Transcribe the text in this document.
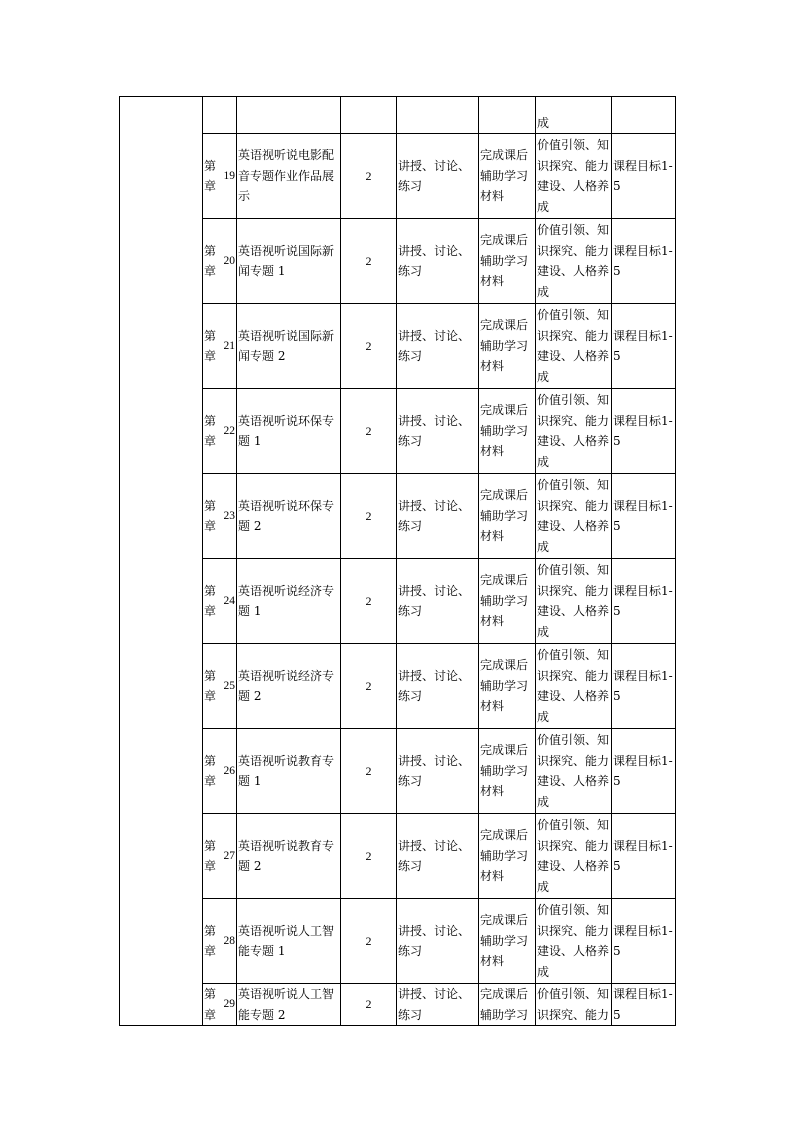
						成	

	第
章
19	英语视听说电影配音专题作业作品展示	2	讲授、讨论、练习	完成课后辅助学习材料	价值引领、知识探究、能力建设、人格养成	课程目标1-5

	第
章
20	英语视听说国际新闻专题 1	2	讲授、讨论、练习	完成课后辅助学习材料	价值引领、知识探究、能力建设、人格养成	课程目标1-5

	第
章
21	英语视听说国际新闻专题 2	2	讲授、讨论、练习	完成课后辅助学习材料	价值引领、知识探究、能力建设、人格养成	课程目标1-5

	第
章
22	英语视听说环保专题 1	2	讲授、讨论、练习	完成课后辅助学习材料	价值引领、知识探究、能力建设、人格养成	课程目标1-5

	第
章
23	英语视听说环保专题 2	2	讲授、讨论、练习	完成课后辅助学习材料	价值引领、知识探究、能力建设、人格养成	课程目标1-5

	第
章
24	英语视听说经济专题 1	2	讲授、讨论、练习	完成课后辅助学习材料	价值引领、知识探究、能力建设、人格养成	课程目标1-5

	第
章
25	英语视听说经济专题 2	2	讲授、讨论、练习	完成课后辅助学习材料	价值引领、知识探究、能力建设、人格养成	课程目标1-5

	第
章
26	英语视听说教育专题 1	2	讲授、讨论、练习	完成课后辅助学习材料	价值引领、知识探究、能力建设、人格养成	课程目标1-5

	第
章
27	英语视听说教育专题 2	2	讲授、讨论、练习	完成课后辅助学习材料	价值引领、知识探究、能力建设、人格养成	课程目标1-5

	第
章
28	英语视听说人工智能专题 1	2	讲授、讨论、练习	完成课后辅助学习材料	价值引领、知识探究、能力建设、人格养成	课程目标1-5

	第
章
29	英语视听说人工智能专题 2	2	讲授、讨论、练习	完成课后辅助学习	价值引领、知识探究、能力	课程目标1-5
